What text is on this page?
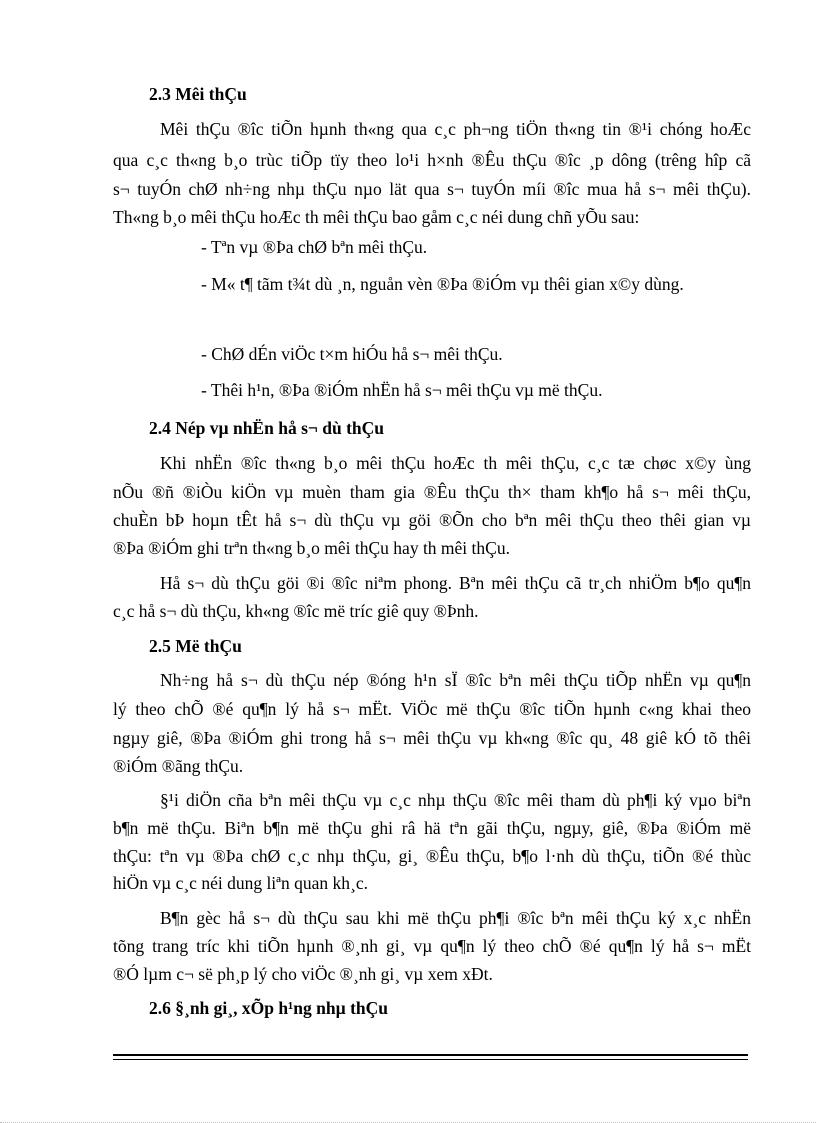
2.3 Mêi thÇu
Mêi thÇu ®îc tiÕn hµnh th«ng qua c¸c ph¬ng tiÖn th«ng tin ®¹i chóng hoÆc
qua c¸c th«ng b¸o trùc tiÕp tïy theo lo¹i h×nh ®Êu thÇu ®îc ¸p dông (trêng hîp cã
s¬ tuyÓn chØ nh÷ng nhµ thÇu nµo lät qua s¬ tuyÓn míi ®îc mua hå s¬ mêi thÇu).
Th«ng b¸o mêi thÇu hoÆc th mêi thÇu bao gåm c¸c néi dung chñ yÕu sau:
- Tªn vµ ®Þa chØ bªn mêi thÇu.
- M« t¶ tãm t¾t dù ¸n, nguån vèn ®Þa ®iÓm vµ thêi gian x©y dùng.
- ChØ dÉn viÖc t×m hiÓu hå s¬ mêi thÇu.
- Thêi h¹n, ®Þa ®iÓm nhËn hå s¬ mêi thÇu vµ më thÇu.
2.4 Nép vµ nhËn hå s¬ dù thÇu
Khi nhËn ®îc th«ng b¸o mêi thÇu hoÆc th mêi thÇu, c¸c tæ chøc x©y ùng
nÕu ®ñ ®iÒu kiÖn vµ muèn tham gia ®Êu thÇu th× tham kh¶o hå s¬ mêi thÇu,
chuÈn bÞ hoµn tÊt hå s¬ dù thÇu vµ göi ®Õn cho bªn mêi thÇu theo thêi gian vµ
®Þa ®iÓm ghi trªn th«ng b¸o mêi thÇu hay th mêi thÇu.
Hå s¬ dù thÇu göi ®i ®îc niªm phong. Bªn mêi thÇu cã tr¸ch nhiÖm b¶o qu¶n
c¸c hå s¬ dù thÇu, kh«ng ®îc më tríc giê quy ®Þnh.
2.5 Më thÇu
Nh÷ng hå s¬ dù thÇu nép ®óng h¹n sÏ ®îc bªn mêi thÇu tiÕp nhËn vµ qu¶n
lý theo chÕ ®é qu¶n lý hå s¬ mËt. ViÖc më thÇu ®îc tiÕn hµnh c«ng khai theo
ngµy giê, ®Þa ®iÓm ghi trong hå s¬ mêi thÇu vµ kh«ng ®îc qu¸ 48 giê kÓ tõ thêi
®iÓm ®ãng thÇu.
§¹i diÖn cña bªn mêi thÇu vµ c¸c nhµ thÇu ®îc mêi tham dù ph¶i ký vµo biªn
b¶n më thÇu. Biªn b¶n më thÇu ghi râ hä tªn gãi thÇu, ngµy, giê, ®Þa ®iÓm më
thÇu: tªn vµ ®Þa chØ c¸c nhµ thÇu, gi¸ ®Êu thÇu, b¶o l·nh dù thÇu, tiÕn ®é thùc
hiÖn vµ c¸c néi dung liªn quan kh¸c.
B¶n gèc hå s¬ dù thÇu sau khi më thÇu ph¶i ®îc bªn mêi thÇu ký x¸c nhËn
tõng trang tríc khi tiÕn hµnh ®¸nh gi¸ vµ qu¶n lý theo chÕ ®é qu¶n lý hå s¬ mËt
®Ó lµm c¬ së ph¸p lý cho viÖc ®¸nh gi¸ vµ xem xÐt.
2.6 §¸nh gi¸, xÕp h¹ng nhµ thÇu
